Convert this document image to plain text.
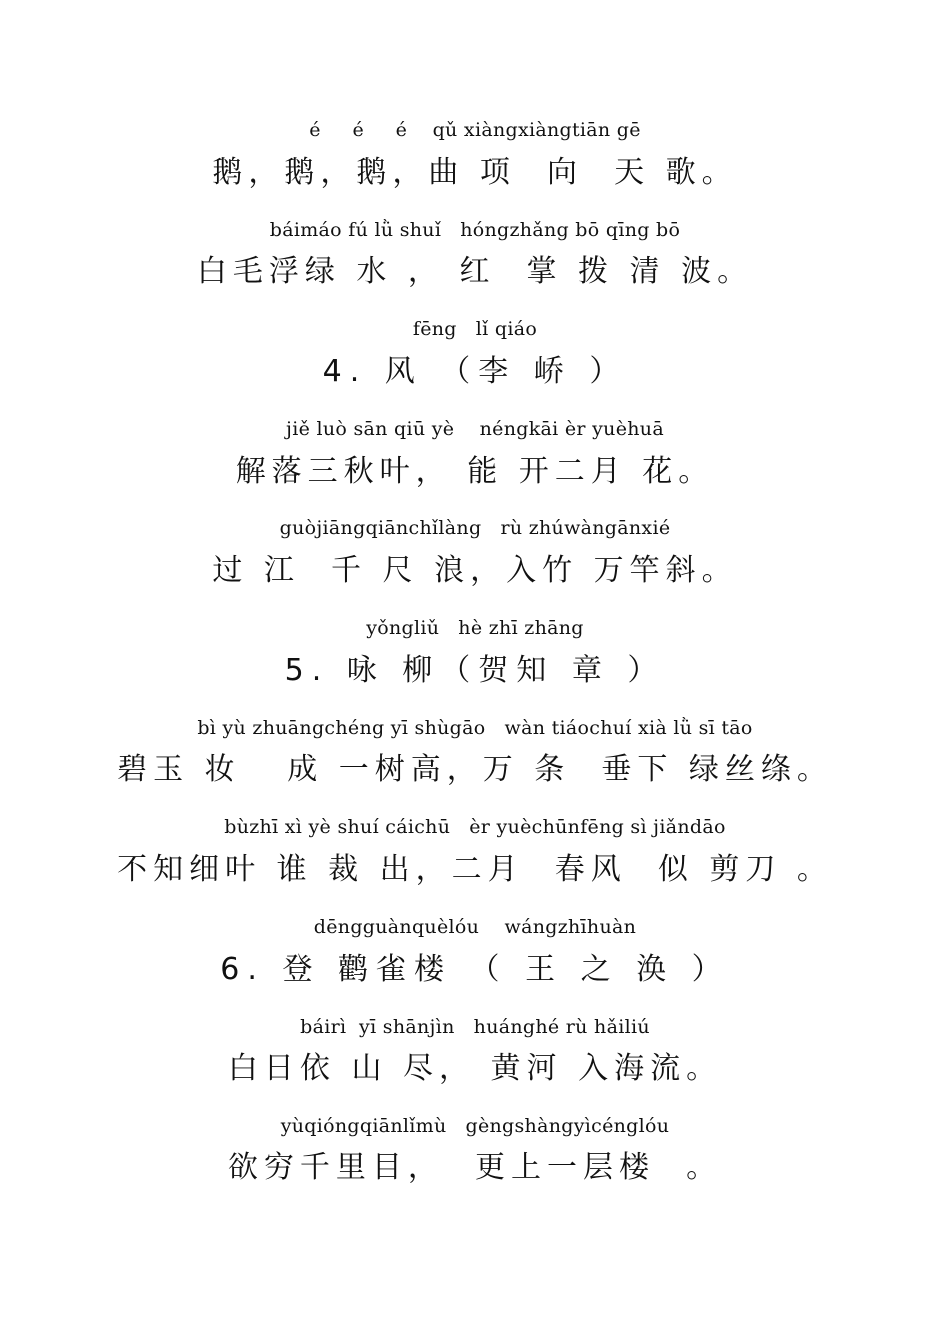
é     é     é    qǔ xiàngxiàngtiān gē
鹅，鹅，鹅，曲 项  向  天 歌。
báimáo fú lǜ shuǐ   hóngzhǎng bō qīng bō
白毛浮绿 水 ， 红  掌 拨 清 波。
fēng   lǐ qiáo
4. 风 （李 峤 ）
jiě luò sān qiū yè    néngkāi èr yuèhuā
解落三秋叶， 能 开二月 花。
guòjiāngqiānchǐlàng   rù zhúwàngānxié
过 江  千 尺 浪，入竹 万竿斜。
yǒngliǔ   hè zhī zhāng
5. 咏 柳（贺知 章 ）
bì yù zhuāngchéng yī shùgāo   wàn tiáochuí xià lǜ sī tāo
碧玉 妆   成 一树高，万 条  垂下 绿丝绦。
bùzhī xì yè shuí cáichū   èr yuèchūnfēng sì jiǎndāo
不知细叶 谁 裁 出，二月  春风  似 剪刀 。
dēngguànquèlóu    wángzhīhuàn
6. 登 鹳雀楼 （ 王 之 涣 ）
báirì  yī shānjìn   huánghé rù hǎiliú
白日依 山 尽， 黄河 入海流。
yùqióngqiānlǐmù   gèngshàngyìcénglóu
欲穷千里目，  更上一层楼  。
